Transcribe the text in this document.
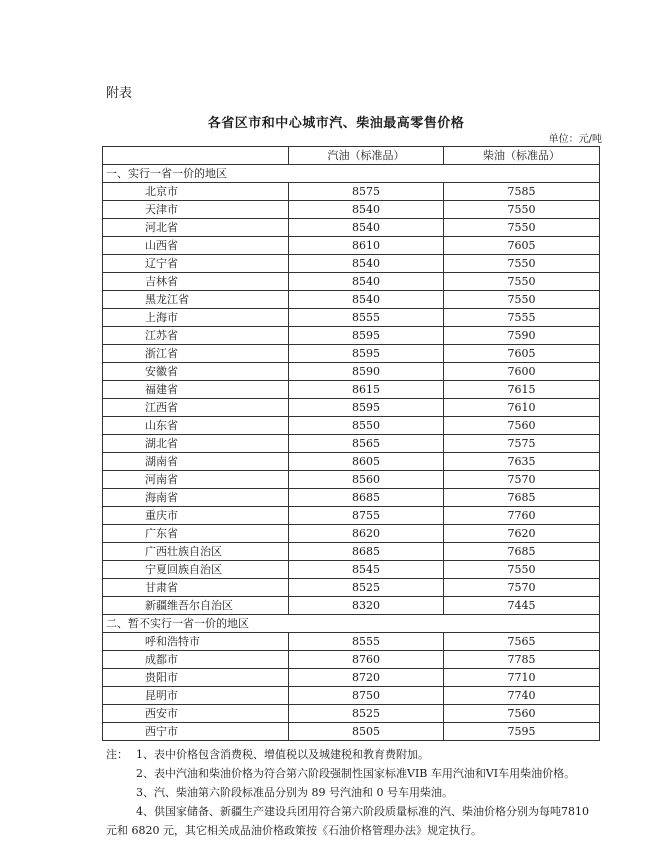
附表
各省区市和中心城市汽、柴油最高零售价格
单位：元/吨
	汽油（标准品）	柴油（标准品）
一、实行一省一价的地区		
北京市	8575	7585
天津市	8540	7550
河北省	8540	7550
山西省	8610	7605
辽宁省	8540	7550
吉林省	8540	7550
黑龙江省	8540	7550
上海市	8555	7555
江苏省	8595	7590
浙江省	8595	7605
安徽省	8590	7600
福建省	8615	7615
江西省	8595	7610
山东省	8550	7560
湖北省	8565	7575
湖南省	8605	7635
河南省	8560	7570
海南省	8685	7685
重庆市	8755	7760
广东省	8620	7620
广西壮族自治区	8685	7685
宁夏回族自治区	8545	7550
甘肃省	8525	7570
新疆维吾尔自治区	8320	7445
二、暂不实行一省一价的地区		
呼和浩特市	8555	7565
成都市	8760	7785
贵阳市	8720	7710
昆明市	8750	7740
西安市	8525	7560
西宁市	8505	7595

注： 1、表中价格包含消费税、增值税以及城建税和教育费附加。

2、表中汽油和柴油价格为符合第六阶段强制性国家标准VIB 车用汽油和VI车用柴油价格。

3、汽、柴油第六阶段标准品分别为 89 号汽油和 0 号车用柴油。

4、供国家储备、新疆生产建设兵团用符合第六阶段质量标准的汽、柴油价格分别为每吨7810 元和 6820 元，其它相关成品油价格政策按《石油价格管理办法》规定执行。
